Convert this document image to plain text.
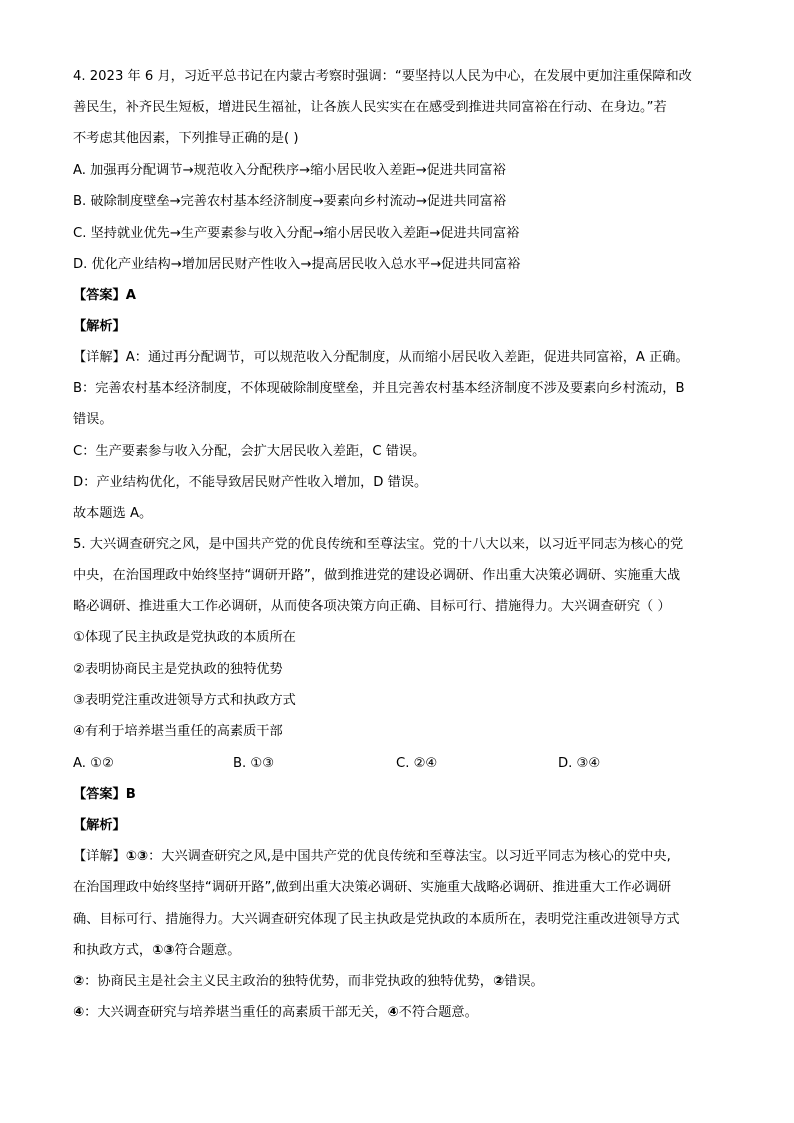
4. 2023 年 6 月，习近平总书记在内蒙古考察时强调：“要坚持以人民为中心，在发展中更加注重保障和改
善民生，补齐民生短板，增进民生福祉，让各族人民实实在在感受到推进共同富裕在行动、在身边。”若
不考虑其他因素，下列推导正确的是( )
A. 加强再分配调节→规范收入分配秩序→缩小居民收入差距→促进共同富裕
B. 破除制度壁垒→完善农村基本经济制度→要素向乡村流动→促进共同富裕
C. 坚持就业优先→生产要素参与收入分配→缩小居民收入差距→促进共同富裕
D. 优化产业结构→增加居民财产性收入→提高居民收入总水平→促进共同富裕
【答案】A
【解析】
【详解】A：通过再分配调节，可以规范收入分配制度，从而缩小居民收入差距，促进共同富裕，A 正确。
B：完善农村基本经济制度，不体现破除制度壁垒，并且完善农村基本经济制度不涉及要素向乡村流动，B
错误。
C：生产要素参与收入分配，会扩大居民收入差距，C 错误。
D：产业结构优化，不能导致居民财产性收入增加，D 错误。
故本题选 A。
5. 大兴调查研究之风，是中国共产党的优良传统和至尊法宝。党的十八大以来，以习近平同志为核心的党
中央，在治国理政中始终坚持“调研开路”，做到推进党的建设必调研、作出重大决策必调研、实施重大战
略必调研、推进重大工作必调研，从而使各项决策方向正确、目标可行、措施得力。大兴调查研究（ ）
①体现了民主执政是党执政的本质所在
②表明协商民主是党执政的独特优势
③表明党注重改进领导方式和执政方式
④有利于培养堪当重任的高素质干部
A. ①②	B. ①③	C. ②④	D. ③④
【答案】B
【解析】
【详解】①③：大兴调查研究之风,是中国共产党的优良传统和至尊法宝。以习近平同志为核心的党中央,
在治国理政中始终坚持“调研开路”,做到出重大决策必调研、实施重大战略必调研、推进重大工作必调研
确、目标可行、措施得力。大兴调查研究体现了民主执政是党执政的本质所在，表明党注重改进领导方式
和执政方式，①③符合题意。
②：协商民主是社会主义民主政治的独特优势，而非党执政的独特优势，②错误。
④：大兴调查研究与培养堪当重任的高素质干部无关，④不符合题意。
